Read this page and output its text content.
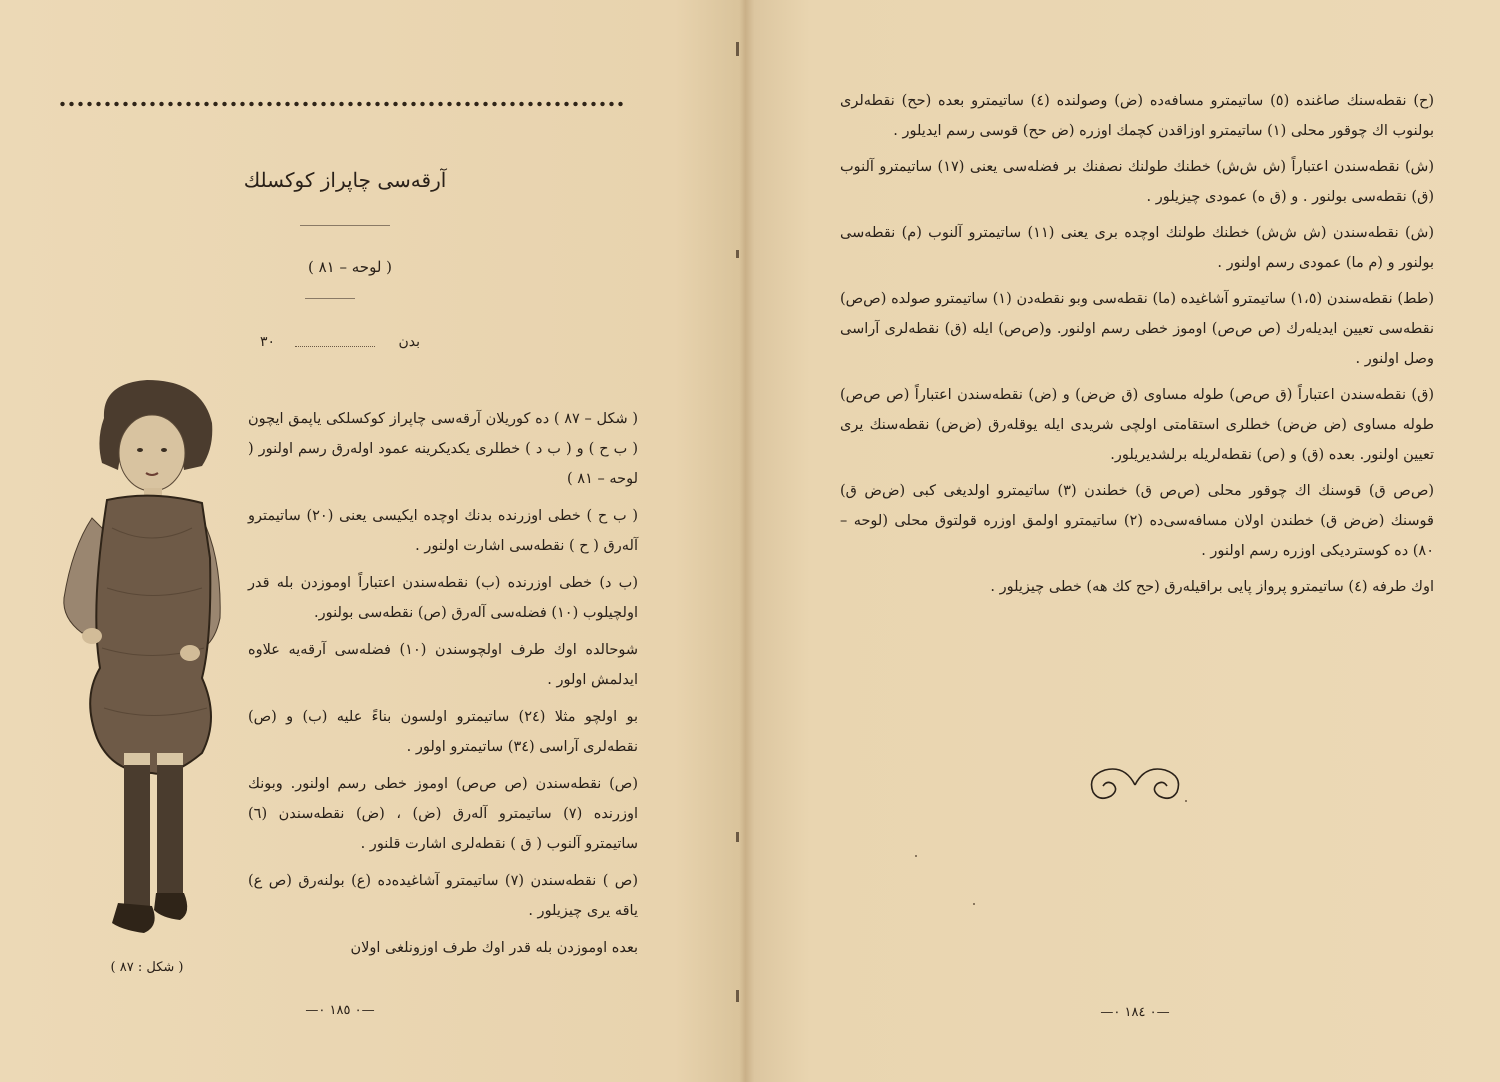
آرقەسی چاپراز کوکسلك
( لوحه – ٨١ )
٣٠	بدن
( شکل : ٨٧ )

( شکل – ٨٧ ) ده کوریلان آرقەسی چاپراز کوکسلکی یاپمق ایچون ( ب ح ) و ( ب د ) خطلری یکدیکرینه عمود اولەرق رسم اولنور ( لوحه – ٨١ )

( ب ح ) خطی اوزرنده بدنك اوچده ایکیسی یعنی (٢٠) ساتیمترو آلەرق ( ح ) نقطەسی اشارت اولنور .

(ب د) خطی اوزرنده (ب) نقطەسندن اعتباراً اوموزدن بله قدر اولچیلوب (١٠) فضلەسی آلەرق (ص) نقطەسی بولنور.

شوحالده اوك طرف اولچوسندن (١٠) فضلەسی آرقەیه علاوه ایدلمش اولور .

بو اولچو مثلا (٢٤) ساتیمترو اولسون بناءً علیه (ب) و (ص) نقطەلری آراسی (٣٤) ساتیمترو اولور .

(ص) نقطەسندن (ص ص‌ص) اوموز خطی رسم اولنور. وبونك اوزرنده (٧) ساتیمترو آلەرق (ض) ، (ض) نقطەسندن (٦) ساتیمترو آلنوب ( ق ) نقطەلری اشارت قلنور .

(ص ) نقطەسندن (٧) ساتیمترو آشاغیده‌ده (ع) بولنەرق (ص ع) یاقه یری چیزیلور .

بعده اوموزدن بله قدر اوك طرف اوزونلغی اولان

—٠ ١٨٥ ٠—

(ح) نقطەسنك صاغنده (٥) ساتیمترو مسافەده (ض) وصولنده (٤) ساتیمترو بعده (حح) نقطەلری بولنوب اك چوقور محلی (١) ساتیمترو اوزاقدن کچمك اوزره (ض حح) قوسی رسم ایدیلور .

(ش) نقطەسندن اعتباراً (ش ش‌ش) خطنك طولنك نصفنك بر فضلەسی یعنی (١٧) ساتیمترو آلنوب (ق) نقطەسی بولنور . و (ق ه) عمودی چیزیلور .

(ش) نقطەسندن (ش ش‌ش) خطنك طولنك اوچده بری یعنی (١١) ساتیمترو آلنوب (م) نقطەسی بولنور و (م ما) عمودی رسم اولنور .

(طط) نقطەسندن (١،٥) ساتیمترو آشاغیده (ما) نقطەسی وبو نقطەدن (١) ساتیمترو صولده (ص‌ص) نقطەسی تعیین ایدیلەرك (ص ص‌ص) اوموز خطی رسم اولنور. و(ص‌ص) ایله (ق) نقطەلری آراسی وصل اولنور .

(ق) نقطەسندن اعتباراً (ق ص‌ص) طوله مساوی (ق ض‌ض) و (ض) نقطەسندن اعتباراً (ص ص‌ص) طوله مساوی (ض ض‌ض) خطلری استقامتی اولچی شریدی ایله یوقلەرق (ض‌ض) نقطەسنك یری تعیین اولنور. بعده (ق) و (ص) نقطەلریله برلشدیریلور.

(ص‌ص ق) قوسنك اك چوقور محلی (ص‌ص ق) خطندن (٣) ساتیمترو اولدیغی کبی (ض‌ض ق) قوسنك (ض‌ض ق) خطندن اولان مسافەسی‌ده (٢) ساتیمترو اولمق اوزره قولتوق محلی (لوحه – ٨٠) ده کوستردیکی اوزره رسم اولنور .

اوك طرفه (٤) ساتیمترو پرواز پایی براقیلەرق (حح كك هه) خطی چیزیلور .

—٠ ١٨٤ ٠—
